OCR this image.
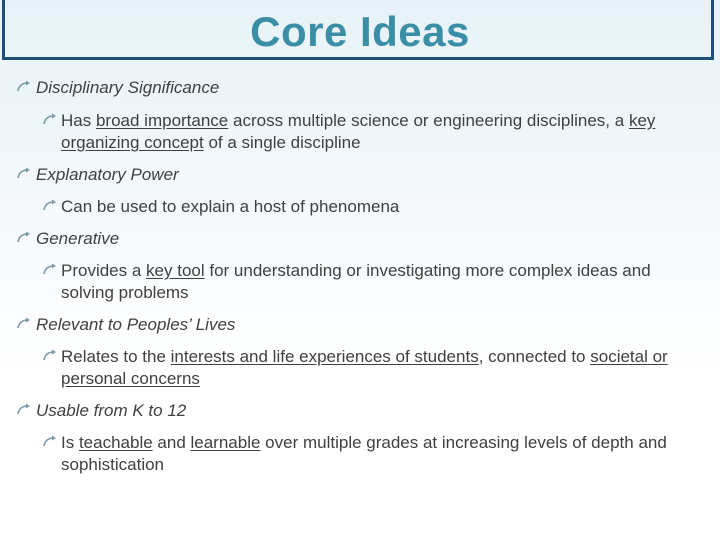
Core Ideas
Disciplinary Significance
Has broad importance across multiple science or engineering disciplines, a key organizing concept of a single discipline
Explanatory Power
Can be used to explain a host of phenomena
Generative
Provides a key tool for understanding or investigating more complex ideas and solving problems
Relevant to Peoples’ Lives
Relates to the interests and life experiences of students, connected to societal or personal concerns
Usable from K to 12
Is teachable and learnable over multiple grades at increasing levels of depth and sophistication
